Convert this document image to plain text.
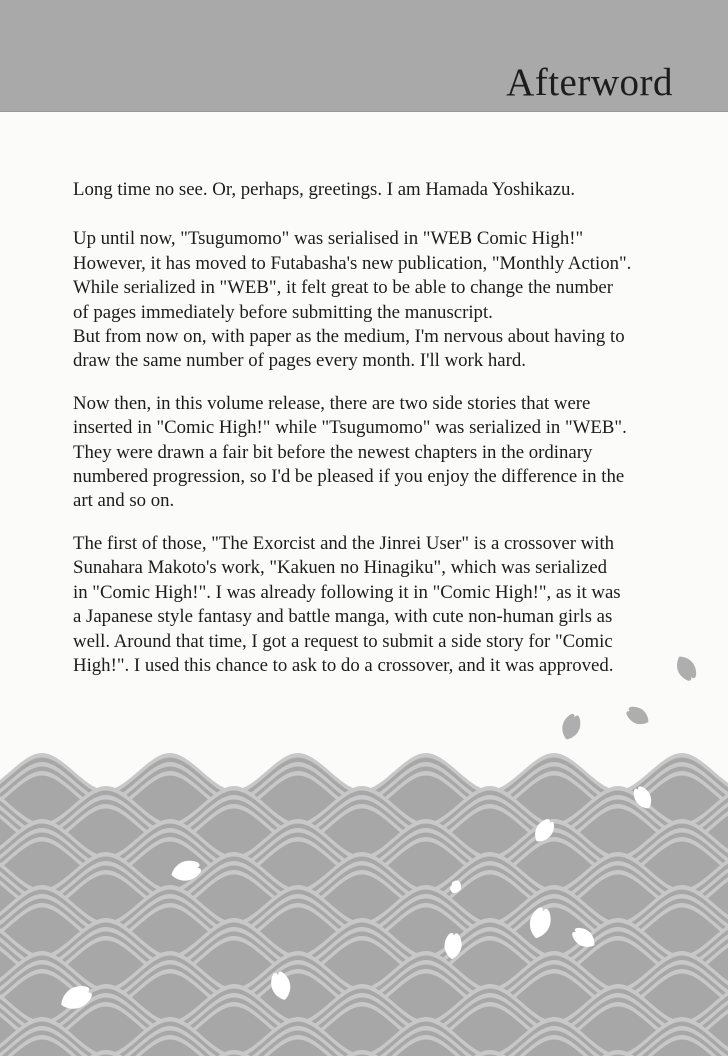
Afterword

Long time no see. Or, perhaps, greetings. I am Hamada Yoshikazu.

Up until now, "Tsugumomo" was serialised in "WEB Comic High!"
However, it has moved to Futabasha's new publication, "Monthly Action".
While serialized in "WEB", it felt great to be able to change the number
of pages immediately before submitting the manuscript.
But from now on, with paper as the medium, I'm nervous about having to
draw the same number of pages every month. I'll work hard.

Now then, in this volume release, there are two side stories that were
inserted in "Comic High!" while "Tsugumomo" was serialized in "WEB".
They were drawn a fair bit before the newest chapters in the ordinary
numbered progression, so I'd be pleased if you enjoy the difference in the
art and so on.

The first of those, "The Exorcist and the Jinrei User" is a crossover with
Sunahara Makoto's work, "Kakuen no Hinagiku", which was serialized
in "Comic High!". I was already following it in "Comic High!", as it was
a Japanese style fantasy and battle manga, with cute non-human girls as
well. Around that time, I got a request to submit a side story for "Comic
High!". I used this chance to ask to do a crossover, and it was approved.
